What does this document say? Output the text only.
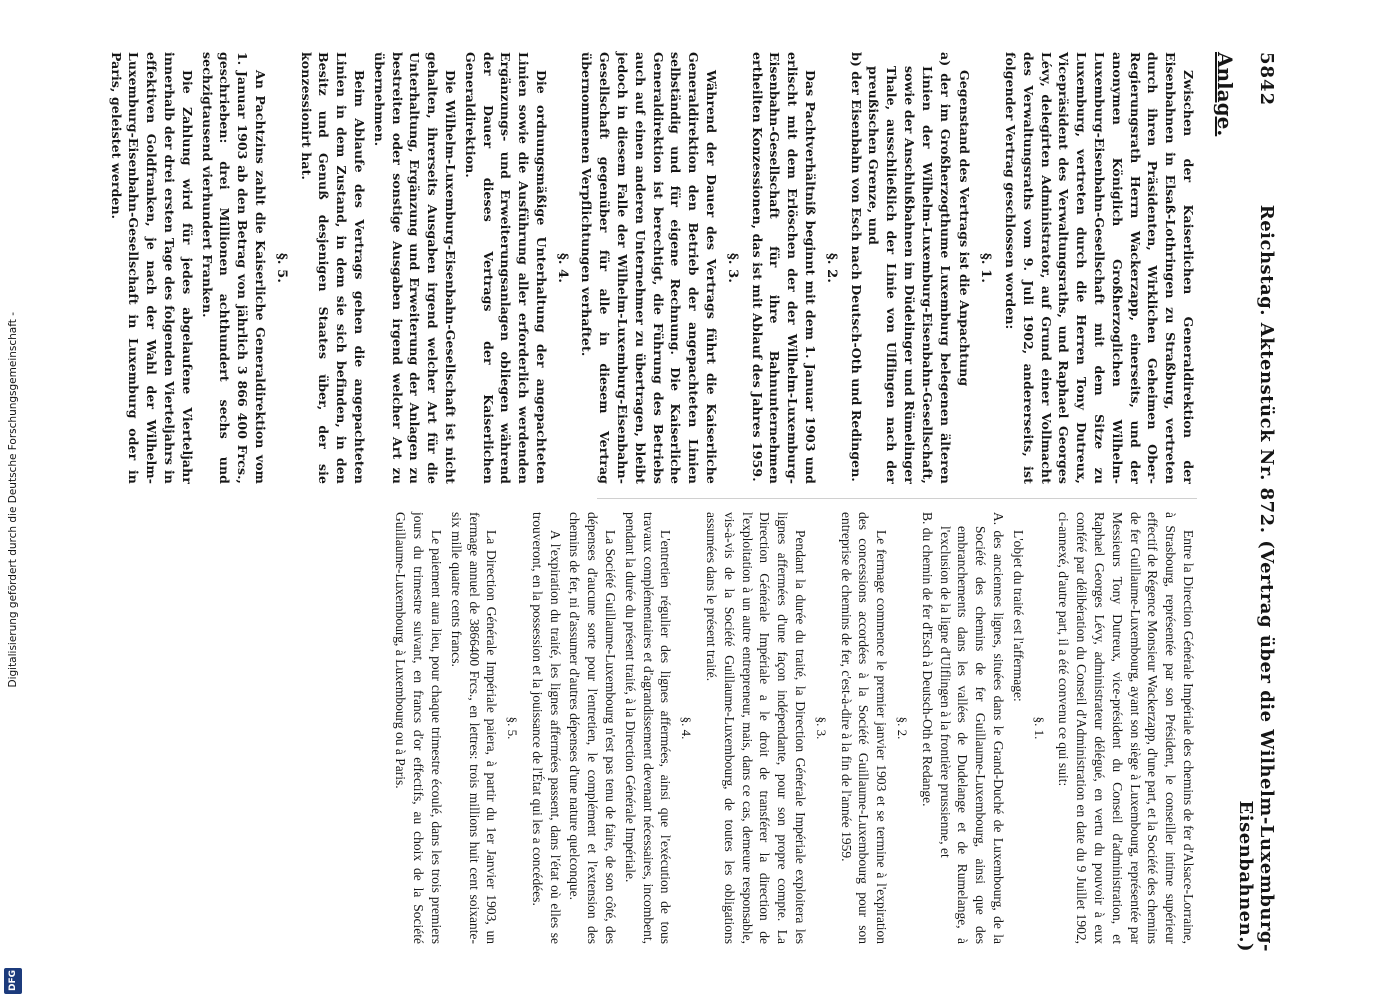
5842
Reichstag. Aktenstück Nr. 872. (Vertrag über die Wilhelm-Luxemburg-Eisenbahnen.)
Anlage.

Zwischen der Kaiserlichen Generaldirektion der Eisenbahnen in Elsaß-Lothringen zu Straßburg, vertreten durch ihren Präsidenten, Wirklichen Geheimen Ober-Regierungsrath Herrn Wackerzapp, einerseits, und der anonymen Königlich Großherzoglichen Wilhelm-Luxemburg-Eisenbahn-Gesellschaft mit dem Sitze zu Luxemburg, vertreten durch die Herren Tony Dutreux, Vicepräsident des Verwaltungsraths, und Raphael Georges Lévy, delegirten Administrator, auf Grund einer Vollmacht des Verwaltungsraths vom 9. Juli 1902, andererseits, ist folgender Vertrag geschlossen worden:

§. 1.

Gegenstand des Vertrags ist die Anpachtung

a) der im Großherzogthume Luxemburg belegenen älteren Linien der Wilhelm-Luxemburg-Eisenbahn-Gesellschaft, sowie der Anschlußbahnen im Düdelinger und Rümelinger Thale, ausschließlich der Linie von Ulflingen nach der preußischen Grenze, und
b) der Eisenbahn von Esch nach Deutsch-Oth und Redingen.
§. 2.

Das Pachtverhältniß beginnt mit dem 1. Januar 1903 und erlischt mit dem Erlöschen der der Wilhelm-Luxemburg-Eisenbahn-Gesellschaft für ihre Bahnunternehmen ertheilten Konzessionen, das ist mit Ablauf des Jahres 1959.

§. 3.

Während der Dauer des Vertrags führt die Kaiserliche Generaldirektion den Betrieb der angepachteten Linien selbständig und für eigene Rechnung. Die Kaiserliche Generaldirektion ist berechtigt, die Führung des Betriebs auch auf einen anderen Unternehmer zu übertragen, bleibt jedoch in diesem Falle der Wilhelm-Luxemburg-Eisenbahn-Gesellschaft gegenüber für alle in diesem Vertrag übernommenen Verpflichtungen verhaftet.

§. 4.

Die ordnungsmäßige Unterhaltung der angepachteten Linien sowie die Ausführung aller erforderlich werdenden Ergänzungs- und Erweiterungsanlagen obliegen während der Dauer dieses Vertrags der Kaiserlichen Generaldirektion.

Die Wilhelm-Luxemburg-Eisenbahn-Gesellschaft ist nicht gehalten, ihrerseits Ausgaben irgend welcher Art für die Unterhaltung, Ergänzung und Erweiterung der Anlagen zu bestreiten oder sonstige Ausgaben irgend welcher Art zu übernehmen.

Beim Ablaufe des Vertrags gehen die angepachteten Linien in dem Zustand, in dem sie sich befinden, in den Besitz und Genuß desjenigen Staates über, der sie konzessionirt hat.

§. 5.

An Pachtzins zahlt die Kaiserliche Generaldirektion vom 1. Januar 1903 ab den Betrag von jährlich 3 866 400 Frcs., geschrieben: drei Millionen achthundert sechs und sechzigtausend vierhundert Franken.

Die Zahlung wird für jedes abgelaufene Vierteljahr innerhalb der drei ersten Tage des folgenden Vierteljahrs in effektiven Goldfranken, je nach der Wahl der Wilhelm-Luxemburg-Eisenbahn-Gesellschaft in Luxemburg oder in Paris, geleistet werden.

Entre la Direction Générale Impériale des chemins de fer d'Alsace-Lorraine, à Strasbourg, représentée par son Président, le conseiller intime supérieur effectif de Régence Monsieur Wackerzapp, d'une part, et la Société des chemins de fer Guillaume-Luxembourg, ayant son siège à Luxembourg, représentée par Messieurs Tony Dutreux, vice-président du Conseil d'administration, et Raphael Georges Lévy, administrateur délégué, en vertu du pouvoir à eux conféré par délibération du Conseil d'Administration en date du 9 Juillet 1902, ci-annexé, d'autre part, il a été convenu ce qui suit:

§. 1.

L'objet du traité est l'affermage:

A. des anciennes lignes, situées dans le Grand-Duché de Luxembourg, de la Société des chemins de fer Guillaume-Luxembourg, ainsi que des embranchements dans les vallées de Dudelange et de Rumelange, à l'exclusion de la ligne d'Ulflingen à la frontière prussienne, et
B. du chemin de fer d'Esch à Deutsch-Oth et Redange.
§. 2.

Le fermage commence le premier janvier 1903 et se termine à l'expiration des concessions accordées à la Société Guillaume-Luxembourg pour son entreprise de chemins de fer, c'est-à-dire à la fin de l'année 1959.

§. 3.

Pendant la durée du traité, la Direction Générale Impériale exploitera les lignes affermées d'une façon indépendante, pour son propre compte. La Direction Générale Impériale a le droit de transférer la direction de l'exploitation à un autre entrepreneur, mais, dans ce cas, demeure responsable, vis-à-vis de la Société Guillaume-Luxembourg, de toutes les obligations assumées dans le présent traité.

§. 4.

L'entretien régulier des lignes affermées, ainsi que l'exécution de tous travaux complémentaires et d'agrandissement devenant nécessaires, incombent, pendant la durée du présent traité, à la Direction Générale Impériale.

La Société Guillaume-Luxembourg n'est pas tenu de faire, de son côté, des dépenses d'aucune sorte pour l'entretien, le complément et l'extension des chemins de fer, ni d'assumer d'autres dépenses d'une nature quelconque.

A l'expiration du traité, les lignes affermées passent, dans l'état où elles se trouveront, en la possession et la jouissance de l'État qui les a concédées.

§. 5.

La Direction Générale Impériale paiera, à partir du 1er Janvier 1903, un fermage annuel de 3866400 Frcs., en lettres: trois millions huit cent soixante-six mille quatre cents francs.

Le paiement aura lieu, pour chaque trimestre écoulé, dans les trois premiers jours du trimestre suivant, en francs d'or effectifs, au choix de la Société Guillaume-Luxembourg, à Luxembourg ou à Paris.

Digitalisierung gefördert durch die Deutsche Forschungsgemeinschaft -
DFG
